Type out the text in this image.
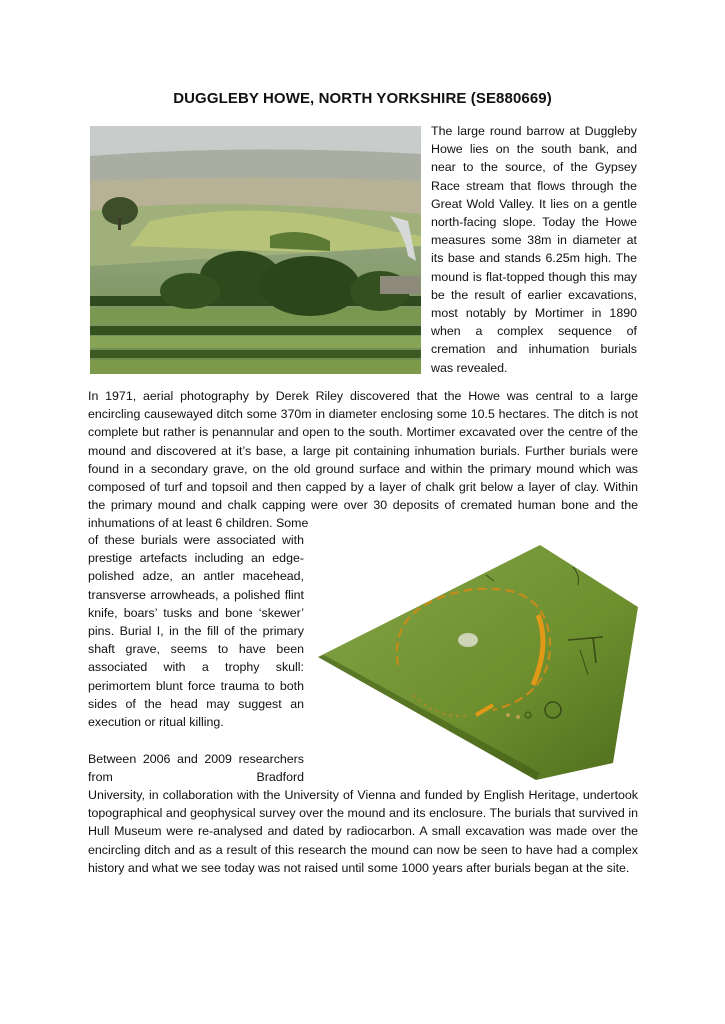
DUGGLEBY HOWE, NORTH YORKSHIRE (SE880669)

The large round barrow at Duggleby Howe lies on the south bank, and near to the source, of the Gypsey Race stream that flows through the Great Wold Valley. It lies on a gentle north-facing slope. Today the Howe measures some 38m in diameter at its base and stands 6.25m high. The mound is flat-topped though this may be the result of earlier excavations, most notably by Mortimer in 1890 when a complex sequence of cremation and inhumation burials was revealed.

In 1971, aerial photography by Derek Riley discovered that the Howe was central to a large encircling causewayed ditch some 370m in diameter enclosing some 10.5 hectares. The ditch is not complete but rather is penannular and open to the south. Mortimer excavated over the centre of the mound and discovered at it’s base, a large pit containing inhumation burials. Further burials were found in a secondary grave, on the old ground surface and within the primary mound which was composed of turf and topsoil and then capped by a layer of chalk grit below a layer of clay. Within the primary mound and chalk capping were over 30 deposits of cremated human bone and the inhumations of at least 6 children. Some

of these burials were associated with prestige artefacts including an edge-polished adze, an antler macehead, transverse arrowheads, a polished flint knife, boars’ tusks and bone ‘skewer’ pins. Burial I, in the fill of the primary shaft grave, seems to have been associated with a trophy skull: perimortem blunt force trauma to both sides of the head may suggest an execution or ritual killing.

Between 2006 and 2009 researchers from Bradford

University, in collaboration with the University of Vienna and funded by English Heritage, undertook topographical and geophysical survey over the mound and its enclosure. The burials that survived in Hull Museum were re-analysed and dated by radiocarbon. A small excavation was made over the encircling ditch and as a result of this research the mound can now be seen to have had a complex history and what we see today was not raised until some 1000 years after burials began at the site.
